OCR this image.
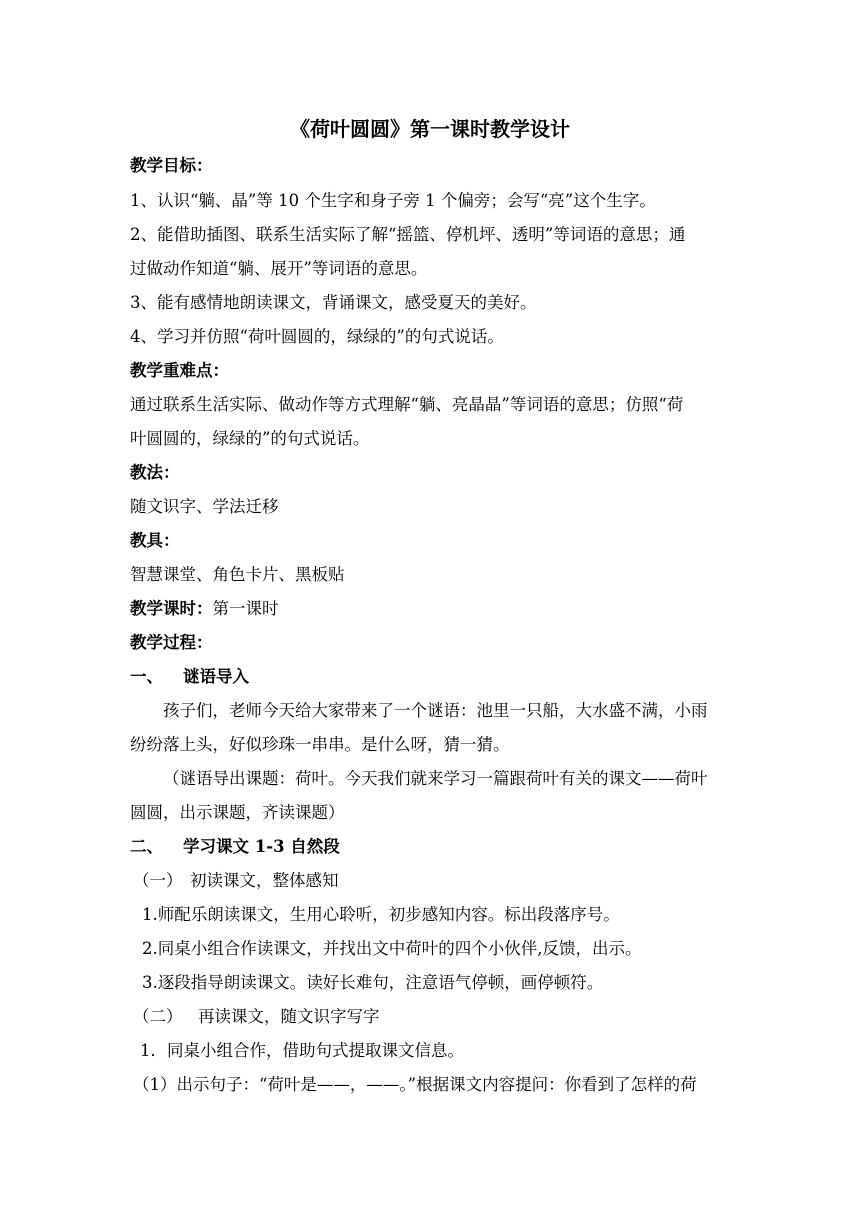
《荷叶圆圆》第一课时教学设计
教学目标：
1、认识“躺、晶”等 10 个生字和身子旁 1 个偏旁；会写“亮”这个生字。
2、能借助插图、联系生活实际了解“摇篮、停机坪、透明”等词语的意思；通
过做动作知道“躺、展开”等词语的意思。
3、能有感情地朗读课文，背诵课文，感受夏天的美好。
4、学习并仿照“荷叶圆圆的，绿绿的”的句式说话。
教学重难点：
通过联系生活实际、做动作等方式理解“躺、亮晶晶”等词语的意思；仿照“荷
叶圆圆的，绿绿的”的句式说话。
教法：
随文识字、学法迁移
教具：
智慧课堂、角色卡片、黑板贴
教学课时：第一课时
教学过程：
一、 谜语导入
孩子们，老师今天给大家带来了一个谜语：池里一只船，大水盛不满，小雨
纷纷落上头，好似珍珠一串串。是什么呀，猜一猜。
（谜语导出课题：荷叶。今天我们就来学习一篇跟荷叶有关的课文——荷叶
圆圆，出示课题，齐读课题）
二、 学习课文 1-3 自然段
（一） 初读课文，整体感知
1.师配乐朗读课文，生用心聆听，初步感知内容。标出段落序号。
2.同桌小组合作读课文，并找出文中荷叶的四个小伙伴,反馈，出示。
3.逐段指导朗读课文。读好长难句，注意语气停顿，画停顿符。
（二） 再读课文，随文识字写字
1．同桌小组合作，借助句式提取课文信息。
（1）出示句子：“荷叶是——，——。”根据课文内容提问：你看到了怎样的荷
